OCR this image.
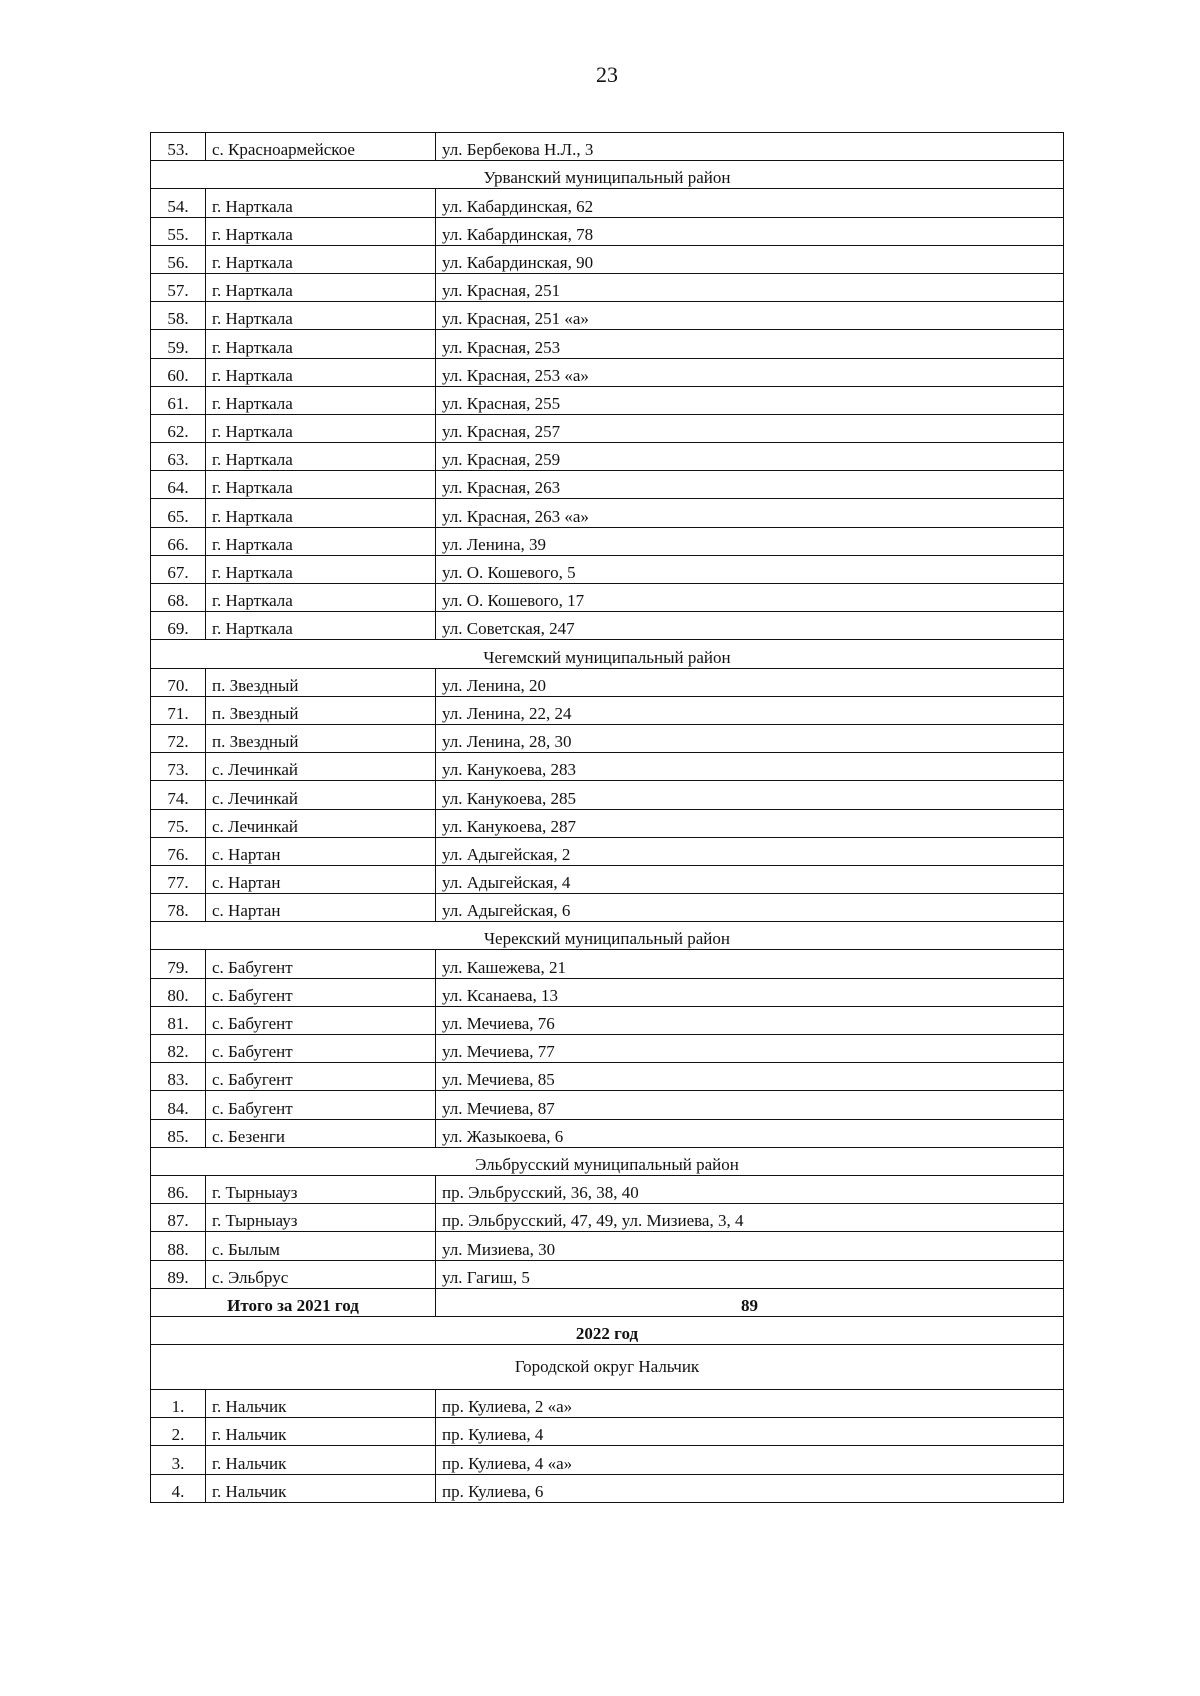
23
53.	с. Красноармейское	ул. Бербекова Н.Л., 3
Урванский муниципальный район		
54.	г. Нарткала	ул. Кабардинская, 62
55.	г. Нарткала	ул. Кабардинская, 78
56.	г. Нарткала	ул. Кабардинская, 90
57.	г. Нарткала	ул. Красная, 251
58.	г. Нарткала	ул. Красная, 251 «а»
59.	г. Нарткала	ул. Красная, 253
60.	г. Нарткала	ул. Красная, 253 «а»
61.	г. Нарткала	ул. Красная, 255
62.	г. Нарткала	ул. Красная, 257
63.	г. Нарткала	ул. Красная, 259
64.	г. Нарткала	ул. Красная, 263
65.	г. Нарткала	ул. Красная, 263 «а»
66.	г. Нарткала	ул. Ленина, 39
67.	г. Нарткала	ул. О. Кошевого, 5
68.	г. Нарткала	ул. О. Кошевого, 17
69.	г. Нарткала	ул. Советская, 247
Чегемский муниципальный район		
70.	п. Звездный	ул. Ленина, 20
71.	п. Звездный	ул. Ленина, 22, 24
72.	п. Звездный	ул. Ленина, 28, 30
73.	с. Лечинкай	ул. Канукоева, 283
74.	с. Лечинкай	ул. Канукоева, 285
75.	с. Лечинкай	ул. Канукоева, 287
76.	с. Нартан	ул. Адыгейская, 2
77.	с. Нартан	ул. Адыгейская, 4
78.	с. Нартан	ул. Адыгейская, 6
Черекский муниципальный район		
79.	с. Бабугент	ул. Кашежева, 21
80.	с. Бабугент	ул. Ксанаева, 13
81.	с. Бабугент	ул. Мечиева, 76
82.	с. Бабугент	ул. Мечиева, 77
83.	с. Бабугент	ул. Мечиева, 85
84.	с. Бабугент	ул. Мечиева, 87
85.	с. Безенги	ул. Жазыкоева, 6
Эльбрусский муниципальный район		
86.	г. Тырныауз	пр. Эльбрусский, 36, 38, 40
87.	г. Тырныауз	пр. Эльбрусский, 47, 49, ул. Мизиева, 3, 4
88.	с. Былым	ул. Мизиева, 30
89.	с. Эльбрус	ул. Гагиш, 5
Итого за 2021 год		89
2022 год		
Городской округ Нальчик		
1.	г. Нальчик	пр. Кулиева, 2 «а»
2.	г. Нальчик	пр. Кулиева, 4
3.	г. Нальчик	пр. Кулиева, 4 «а»
4.	г. Нальчик	пр. Кулиева, 6
